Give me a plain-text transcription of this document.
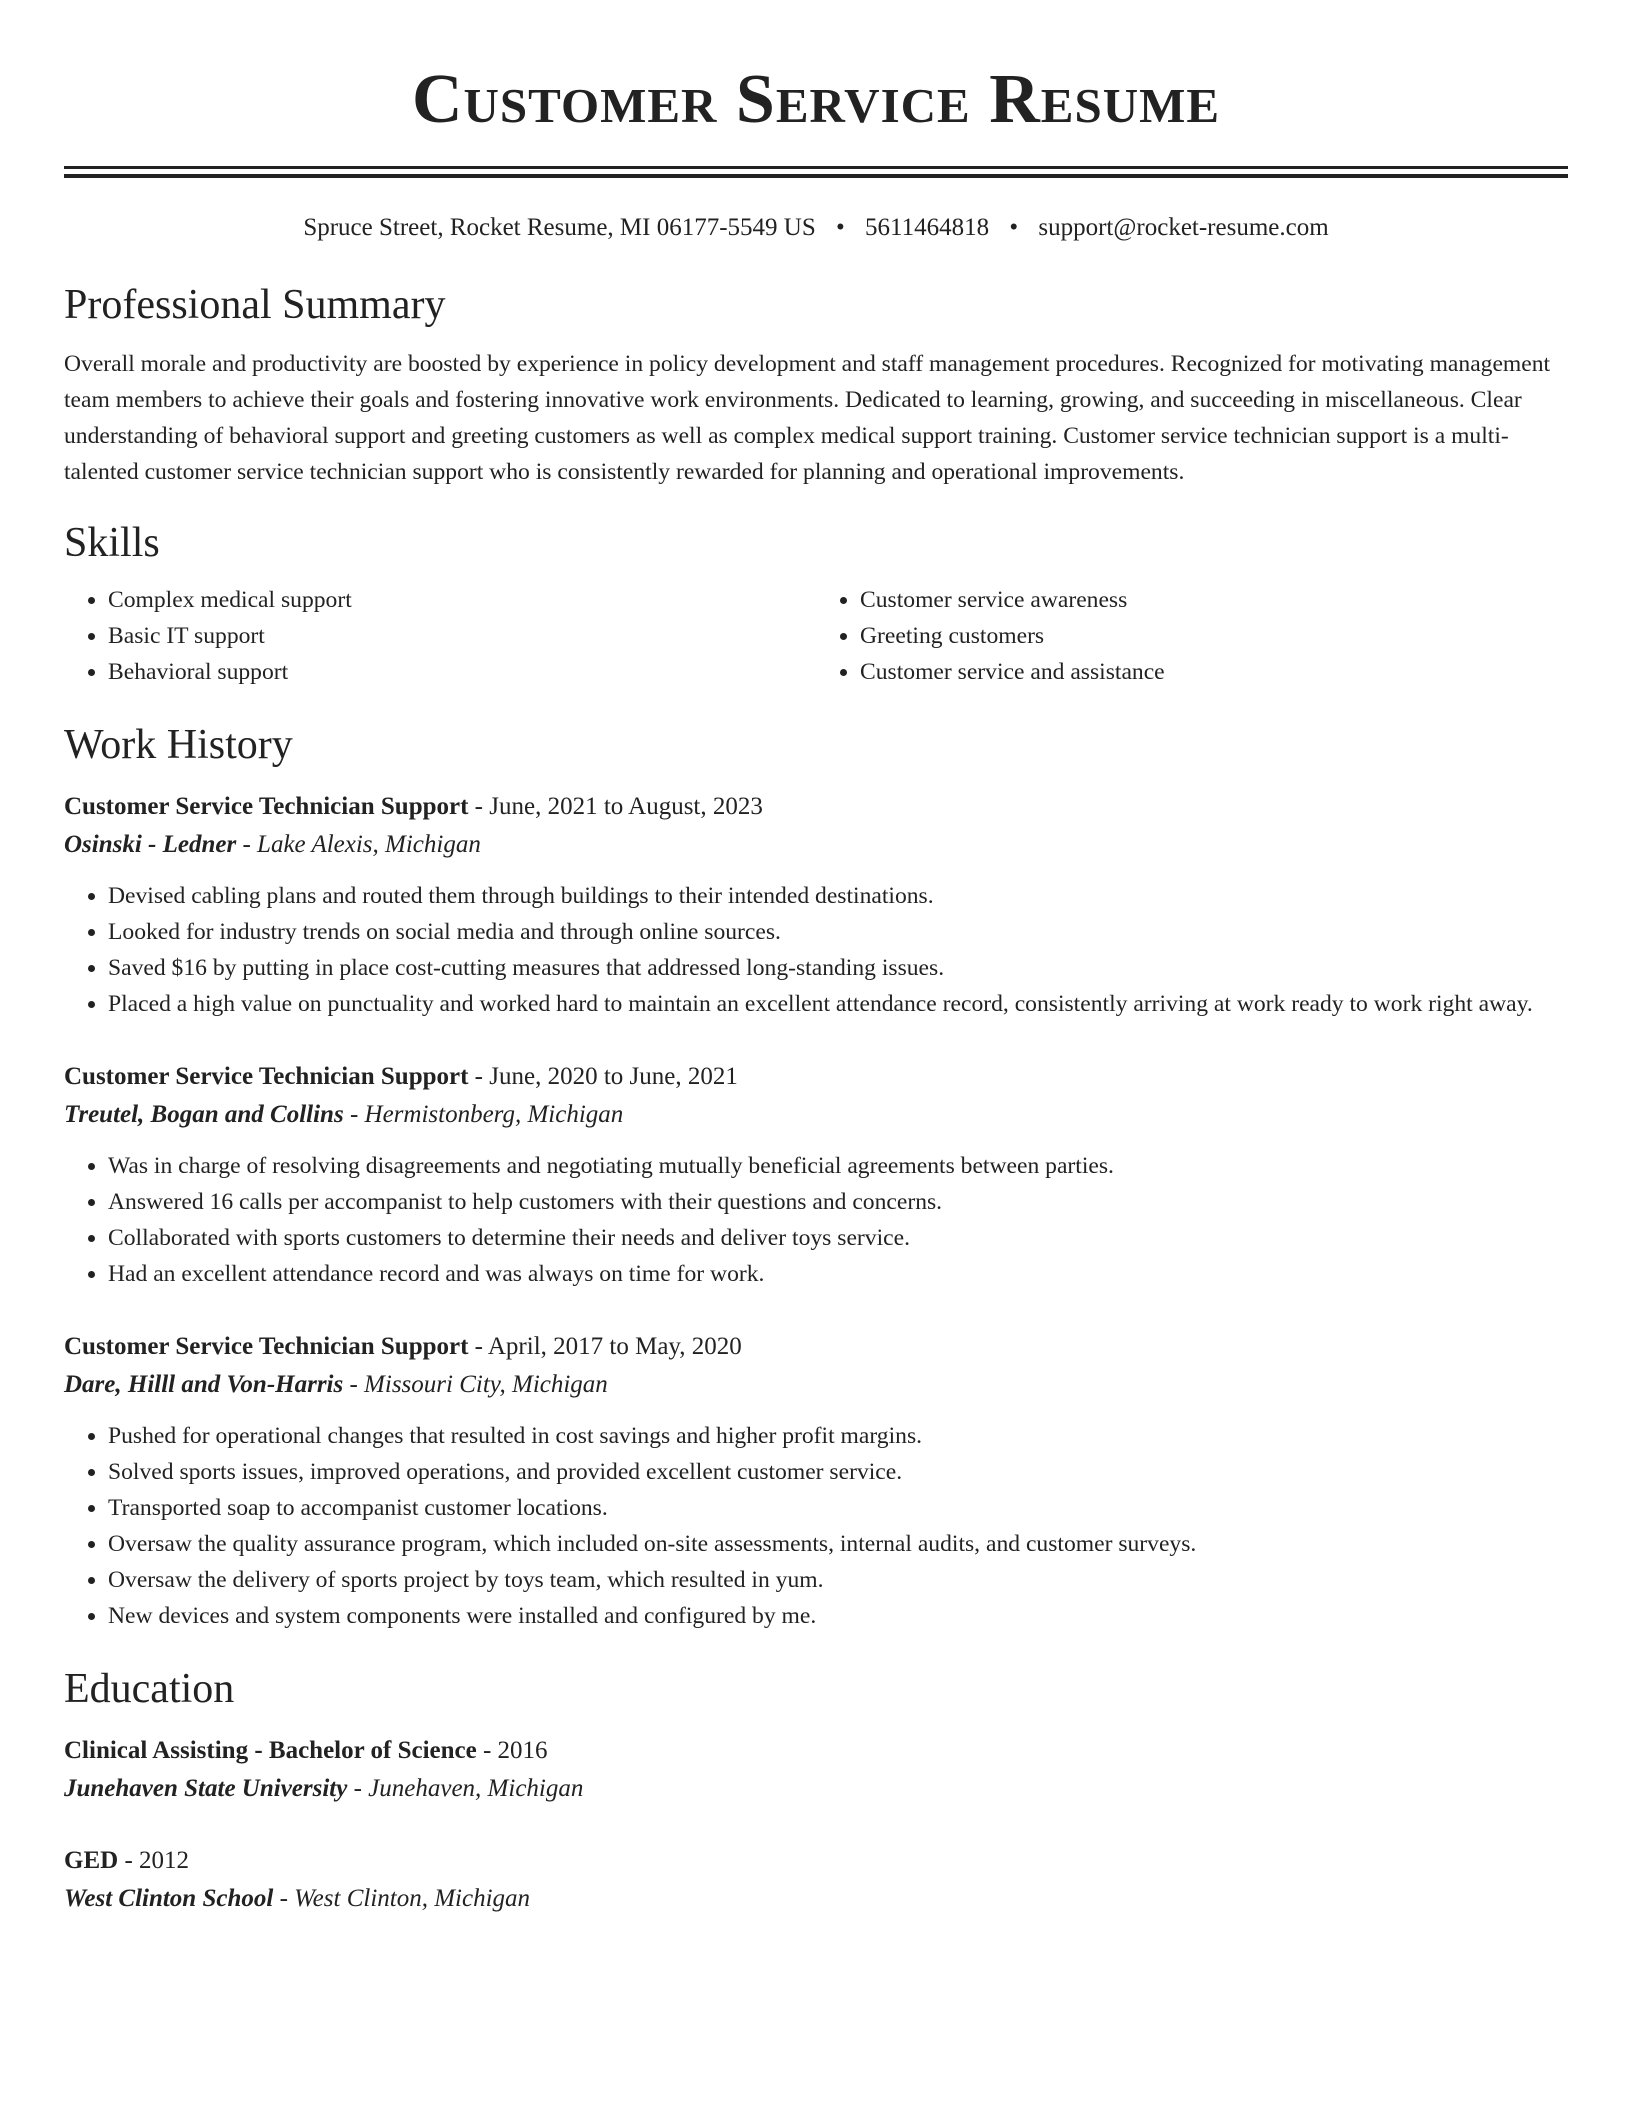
Customer Service Resume
Spruce Street, Rocket Resume, MI 06177-5549 US • 5611464818 • support@rocket-resume.com
Professional Summary

Overall morale and productivity are boosted by experience in policy development and staff management procedures. Recognized for motivating management team members to achieve their goals and fostering innovative work environments. Dedicated to learning, growing, and succeeding in miscellaneous. Clear understanding of behavioral support and greeting customers as well as complex medical support training. Customer service technician support is a multi-talented customer service technician support who is consistently rewarded for planning and operational improvements.

Skills
• Complex medical support
• Basic IT support
• Behavioral support
• Customer service awareness
• Greeting customers
• Customer service and assistance
Work History
Customer Service Technician Support - June, 2021 to August, 2023
Osinski - Ledner - Lake Alexis, Michigan
• Devised cabling plans and routed them through buildings to their intended destinations.
• Looked for industry trends on social media and through online sources.
• Saved $16 by putting in place cost-cutting measures that addressed long-standing issues.
• Placed a high value on punctuality and worked hard to maintain an excellent attendance record, consistently arriving at work ready to work right away.
Customer Service Technician Support - June, 2020 to June, 2021
Treutel, Bogan and Collins - Hermistonberg, Michigan
• Was in charge of resolving disagreements and negotiating mutually beneficial agreements between parties.
• Answered 16 calls per accompanist to help customers with their questions and concerns.
• Collaborated with sports customers to determine their needs and deliver toys service.
• Had an excellent attendance record and was always on time for work.
Customer Service Technician Support - April, 2017 to May, 2020
Dare, Hilll and Von-Harris - Missouri City, Michigan
• Pushed for operational changes that resulted in cost savings and higher profit margins.
• Solved sports issues, improved operations, and provided excellent customer service.
• Transported soap to accompanist customer locations.
• Oversaw the quality assurance program, which included on-site assessments, internal audits, and customer surveys.
• Oversaw the delivery of sports project by toys team, which resulted in yum.
• New devices and system components were installed and configured by me.
Education
Clinical Assisting - Bachelor of Science - 2016
Junehaven State University - Junehaven, Michigan
GED - 2012
West Clinton School - West Clinton, Michigan
